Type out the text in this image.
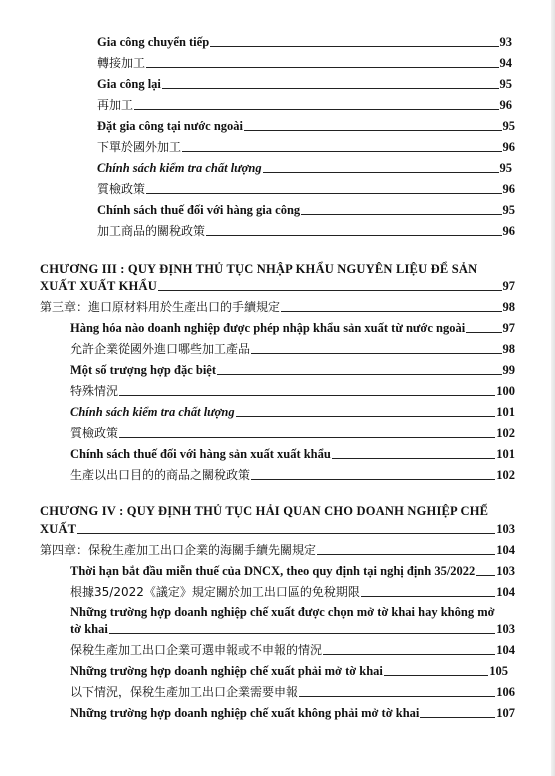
Gia công chuyển tiếp	93
轉接加工	94
Gia công lại	95
再加工	96
Đặt gia công tại nước ngoài	95
下單於國外加工	96
Chính sách kiểm tra chất lượng	95
質檢政策	96
Chính sách thuế đối với hàng gia công	95
加工商品的關稅政策	96
CHƯƠNG III : QUY ĐỊNH THỦ TỤC NHẬP KHẨU NGUYÊN LIỆU ĐỂ SẢN
XUẤT XUẤT KHẨU	97
第三章：進口原材料用於生產出口的手續規定	98
Hàng hóa nào doanh nghiệp được phép nhập khẩu sản xuất từ nước ngoài	97
允許企業從國外進口哪些加工產品	98
Một số trượng hợp đặc biệt	99
特殊情況	100
Chính sách kiểm tra chất lượng	101
質檢政策	102
Chính sách thuế đối với hàng sản xuất xuất khẩu	101
生產以出口目的的商品之關稅政策	102
CHƯƠNG IV : QUY ĐỊNH THỦ TỤC HẢI QUAN CHO DOANH NGHIỆP CHẾ
XUẤT	103
第四章：保稅生產加工出口企業的海關手續先關規定	104
Thời hạn bắt đầu miễn thuế của DNCX, theo quy định tại nghị định 35/2022 103
根據35/2022《議定》規定關於加工出口區的免稅期限	104
Những trường hợp doanh nghiệp chế xuất được chọn mở tờ khai hay không mở
tờ khai	103
保稅生產加工出口企業可選申報或不申報的情況	104
Những trường hợp doanh nghiệp chế xuất phải mở tờ khai	105
以下情況，保稅生產加工出口企業需要申報	106
Những trường hợp doanh nghiệp chế xuất không phải mở tờ khai	107
